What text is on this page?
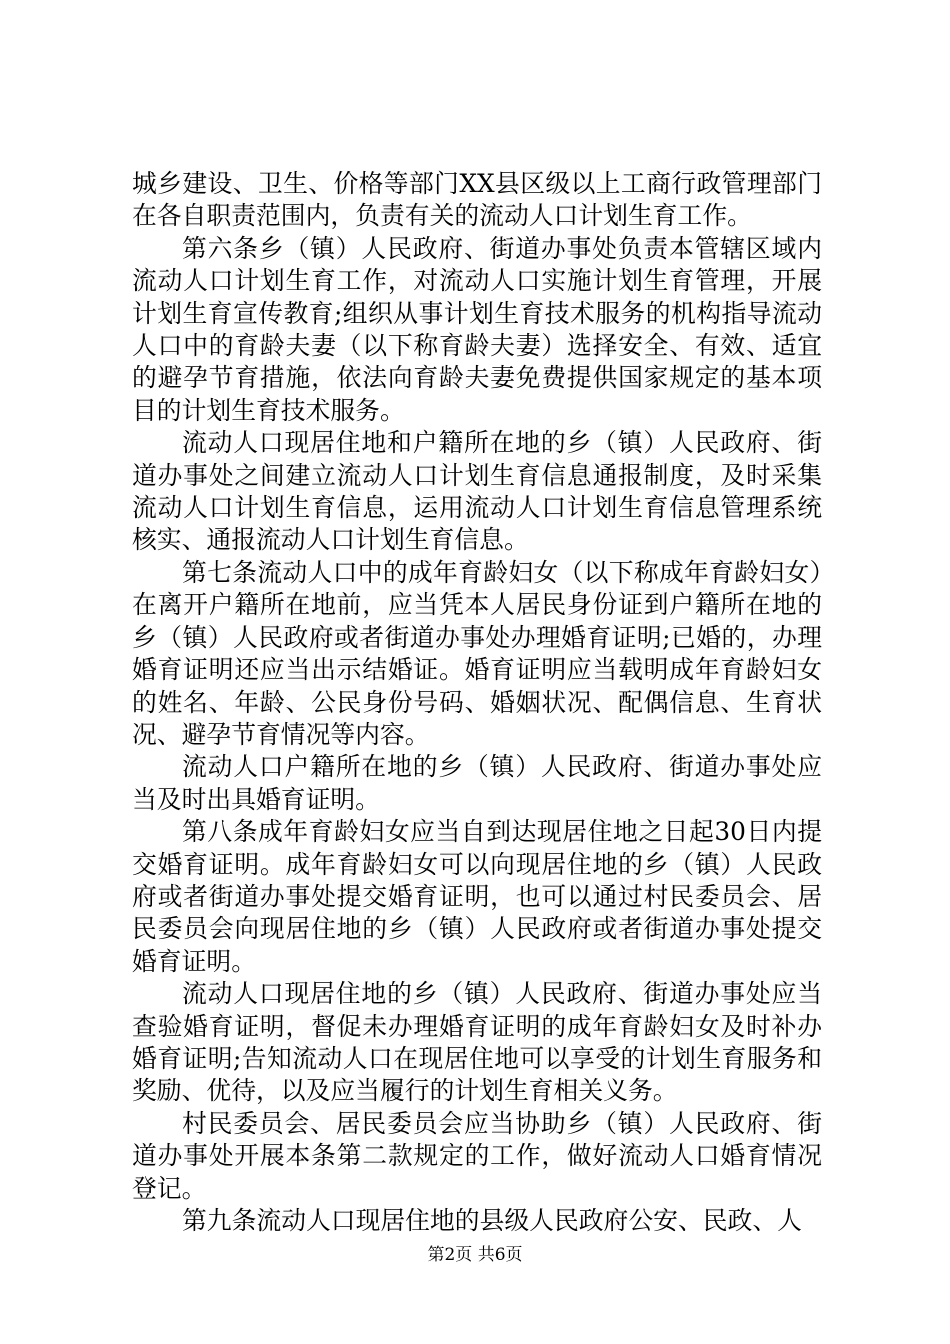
城乡建设、卫生、价格等部门XX县区级以上工商行政管理部门在各自职责范围内，负责有关的流动人口计划生育工作。

第六条乡（镇）人民政府、街道办事处负责本管辖区域内流动人口计划生育工作，对流动人口实施计划生育管理，开展计划生育宣传教育;组织从事计划生育技术服务的机构指导流动人口中的育龄夫妻（以下称育龄夫妻）选择安全、有效、适宜的避孕节育措施，依法向育龄夫妻免费提供国家规定的基本项目的计划生育技术服务。

流动人口现居住地和户籍所在地的乡（镇）人民政府、街道办事处之间建立流动人口计划生育信息通报制度，及时采集流动人口计划生育信息，运用流动人口计划生育信息管理系统核实、通报流动人口计划生育信息。

第七条流动人口中的成年育龄妇女（以下称成年育龄妇女）在离开户籍所在地前，应当凭本人居民身份证到户籍所在地的乡（镇）人民政府或者街道办事处办理婚育证明;已婚的，办理婚育证明还应当出示结婚证。婚育证明应当载明成年育龄妇女的姓名、年龄、公民身份号码、婚姻状况、配偶信息、生育状况、避孕节育情况等内容。

流动人口户籍所在地的乡（镇）人民政府、街道办事处应当及时出具婚育证明。

第八条成年育龄妇女应当自到达现居住地之日起30日内提交婚育证明。成年育龄妇女可以向现居住地的乡（镇）人民政府或者街道办事处提交婚育证明，也可以通过村民委员会、居民委员会向现居住地的乡（镇）人民政府或者街道办事处提交婚育证明。

流动人口现居住地的乡（镇）人民政府、街道办事处应当查验婚育证明，督促未办理婚育证明的成年育龄妇女及时补办婚育证明;告知流动人口在现居住地可以享受的计划生育服务和奖励、优待，以及应当履行的计划生育相关义务。

村民委员会、居民委员会应当协助乡（镇）人民政府、街道办事处开展本条第二款规定的工作，做好流动人口婚育情况登记。

第九条流动人口现居住地的县级人民政府公安、民政、人

第2页 共6页
